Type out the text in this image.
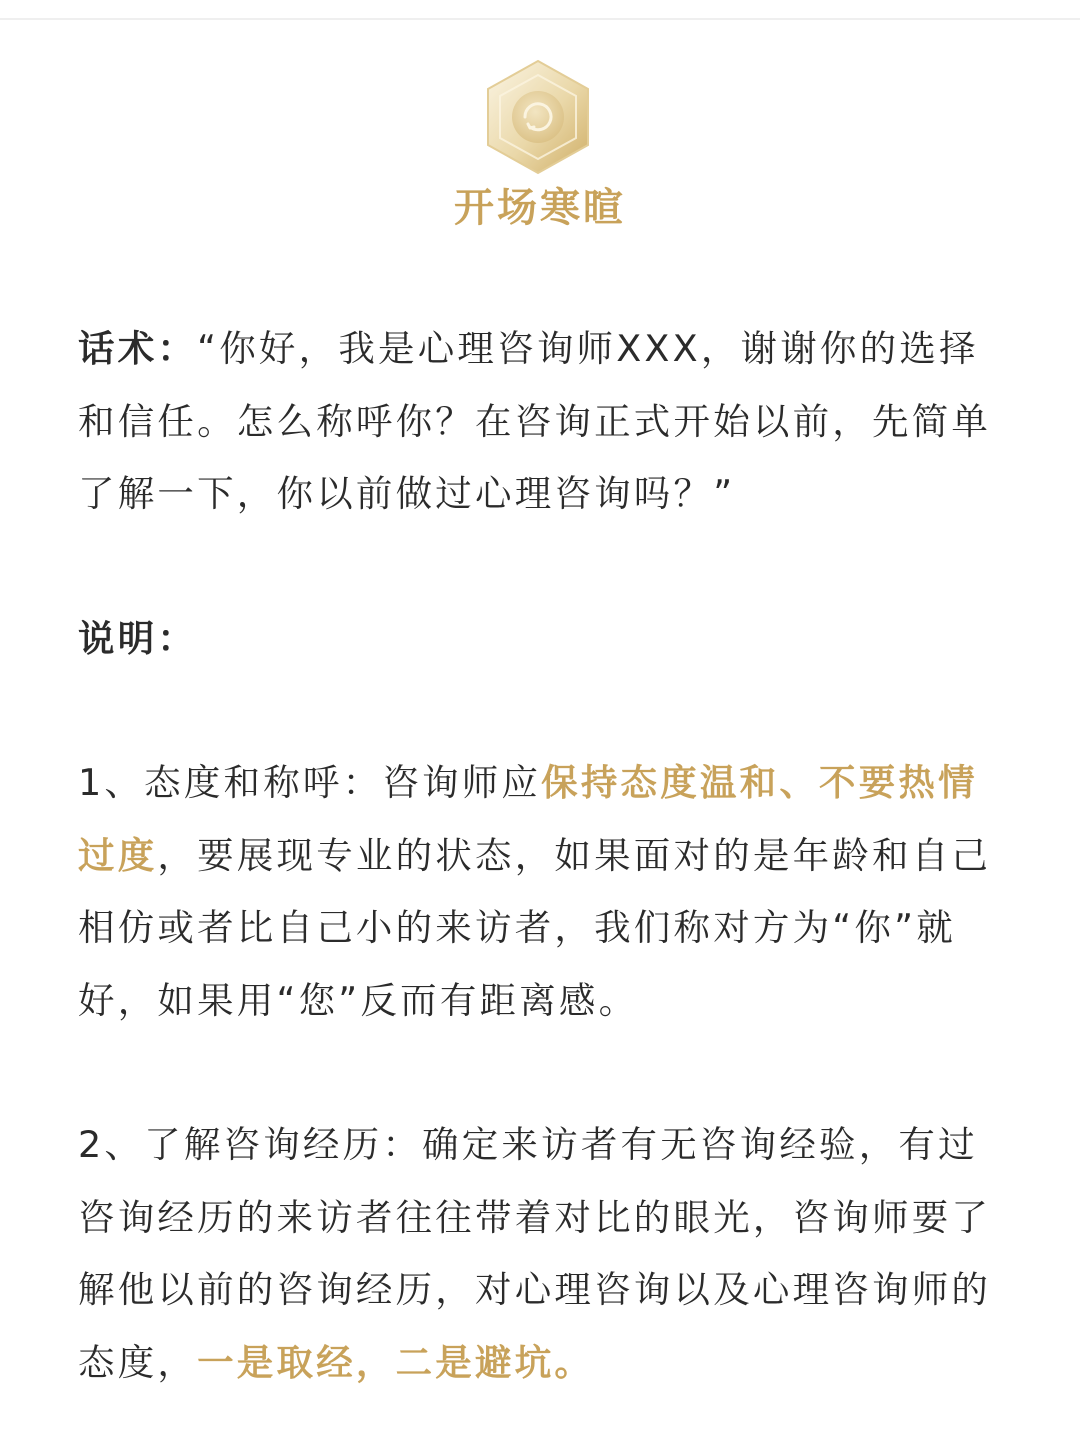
开场寒暄

话术：“你好，我是心理咨询师XXX，谢谢你的选择和信任。怎么称呼你？在咨询正式开始以前，先简单了解一下，你以前做过心理咨询吗？”

说明：

1、态度和称呼：咨询师应保持态度温和、不要热情过度，要展现专业的状态，如果面对的是年龄和自己相仿或者比自己小的来访者，我们称对方为“你”就好，如果用“您”反而有距离感。

2、了解咨询经历：确定来访者有无咨询经验，有过咨询经历的来访者往往带着对比的眼光，咨询师要了解他以前的咨询经历，对心理咨询以及心理咨询师的态度，一是取经，二是避坑。
